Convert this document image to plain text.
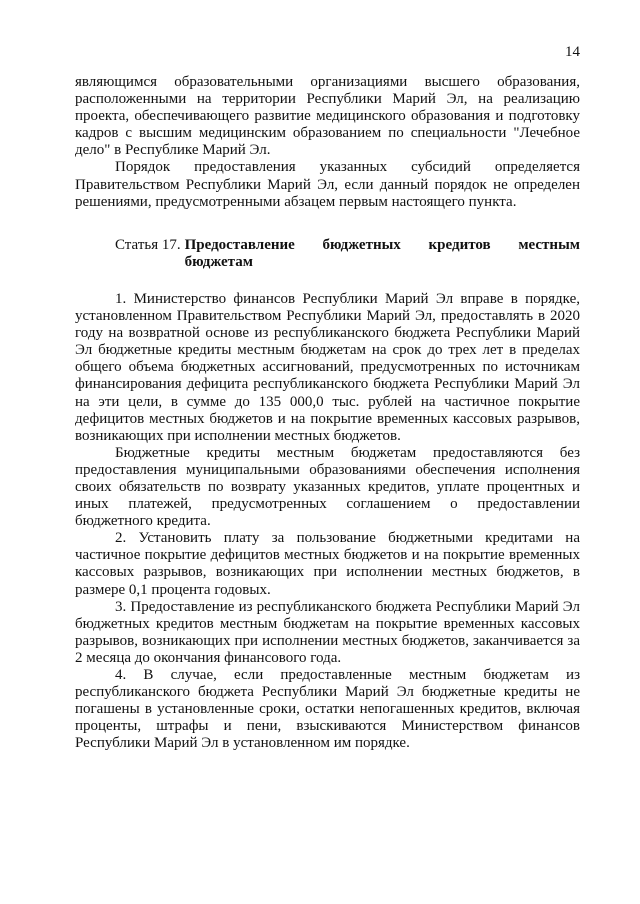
14

являющимся образовательными организациями высшего образования, расположенными на территории Республики Марий Эл, на реализацию проекта, обеспечивающего развитие медицинского образования и подготовку кадров с высшим медицинским образованием по специальности "Лечебное дело" в Республике Марий Эл.

Порядок предоставления указанных субсидий определяется Правительством Республики Марий Эл, если данный порядок не определен решениями, предусмотренными абзацем первым настоящего пункта.

Статья 17. Предоставление бюджетных кредитов местным бюджетам

1. Министерство финансов Республики Марий Эл вправе в порядке, установленном Правительством Республики Марий Эл, предоставлять в 2020 году на возвратной основе из республиканского бюджета Республики Марий Эл бюджетные кредиты местным бюджетам на срок до трех лет в пределах общего объема бюджетных ассигнований, предусмотренных по источникам финансирования дефицита республиканского бюджета Республики Марий Эл на эти цели, в сумме до 135 000,0 тыс. рублей на частичное покрытие дефицитов местных бюджетов и на покрытие временных кассовых разрывов, возникающих при исполнении местных бюджетов.

Бюджетные кредиты местным бюджетам предоставляются без предоставления муниципальными образованиями обеспечения исполнения своих обязательств по возврату указанных кредитов, уплате процентных и иных платежей, предусмотренных соглашением о предоставлении бюджетного кредита.

2. Установить плату за пользование бюджетными кредитами на частичное покрытие дефицитов местных бюджетов и на покрытие временных кассовых разрывов, возникающих при исполнении местных бюджетов, в размере 0,1 процента годовых.

3. Предоставление из республиканского бюджета Республики Марий Эл бюджетных кредитов местным бюджетам на покрытие временных кассовых разрывов, возникающих при исполнении местных бюджетов, заканчивается за 2 месяца до окончания финансового года.

4. В случае, если предоставленные местным бюджетам из республиканского бюджета Республики Марий Эл бюджетные кредиты не погашены в установленные сроки, остатки непогашенных кредитов, включая проценты, штрафы и пени, взыскиваются Министерством финансов Республики Марий Эл в установленном им порядке.
